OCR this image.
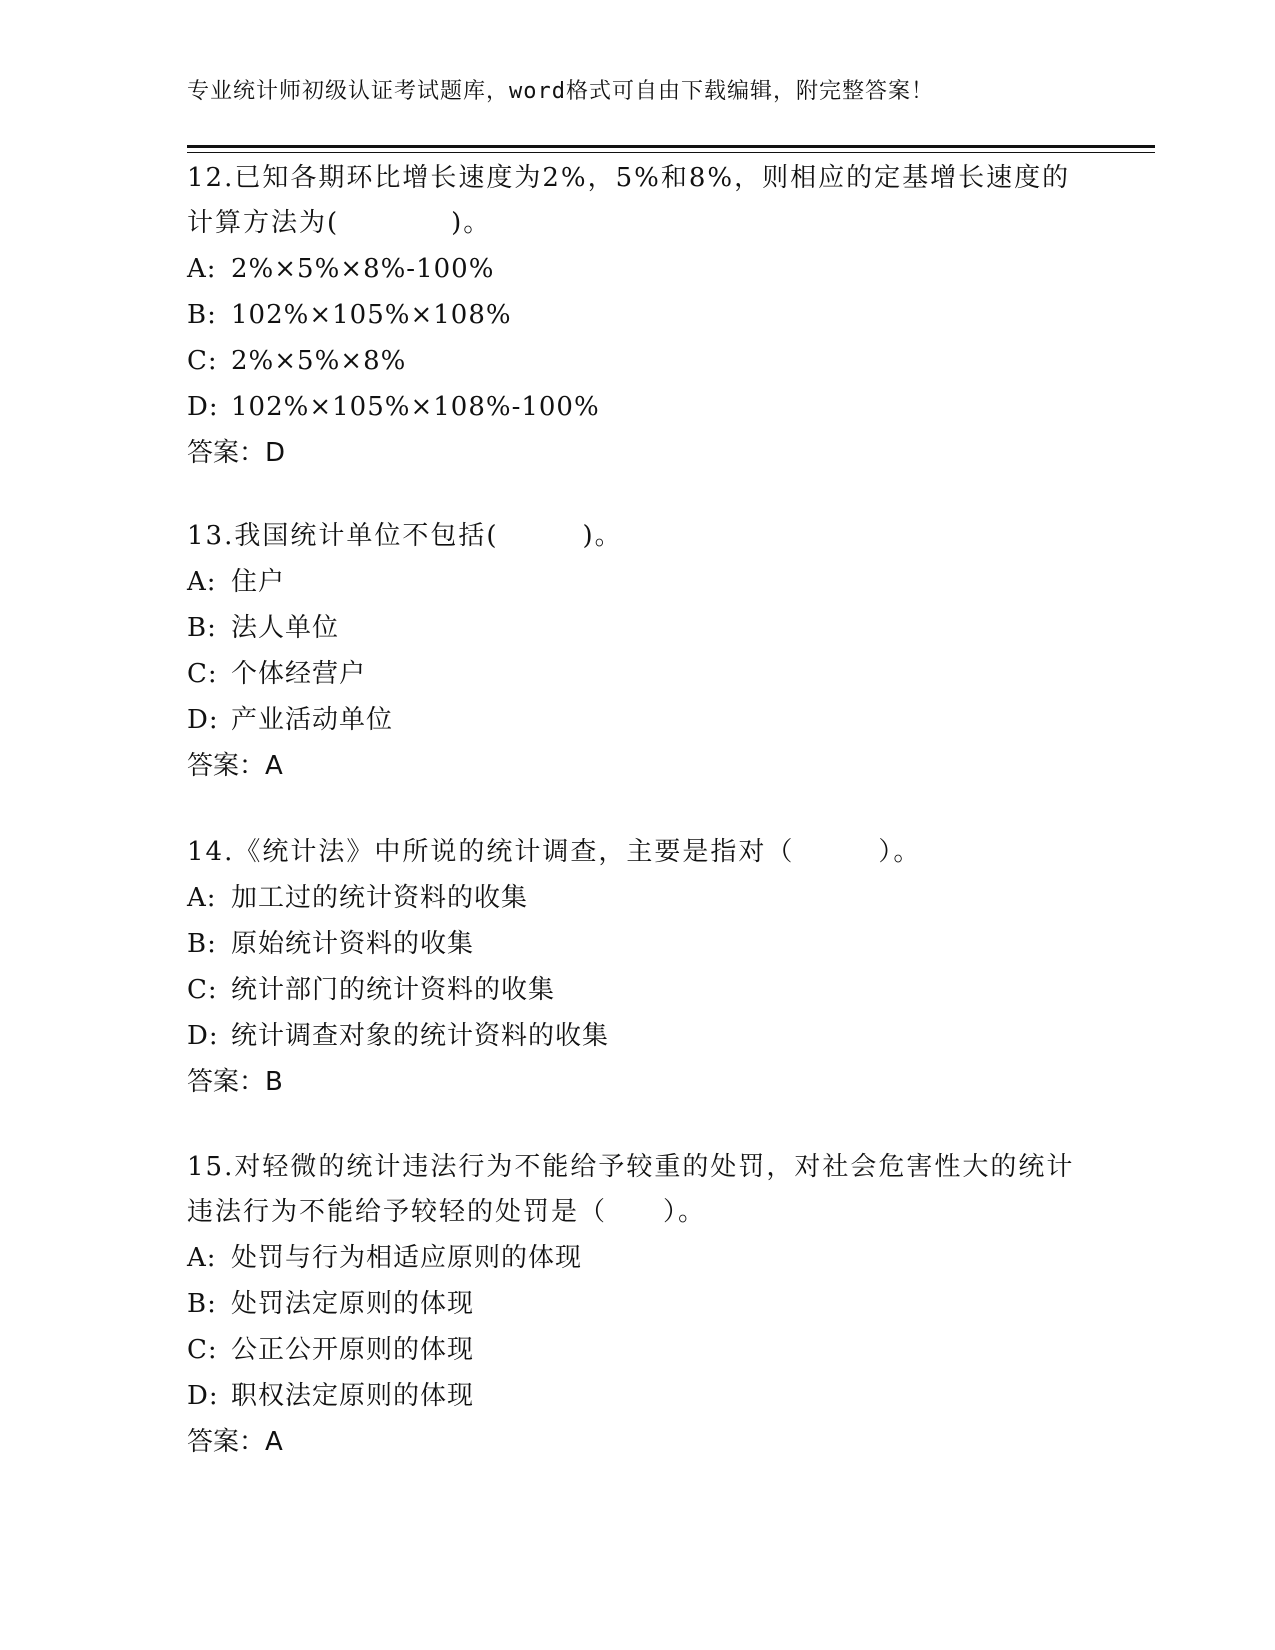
专业统计师初级认证考试题库，word格式可自由下载编辑，附完整答案！

12.已知各期环比增长速度为2%，5%和8%，则相应的定基增长速度的计算方法为(　　　　)。

A: 2%×5%×8%-100%
B: 102%×105%×108%
C: 2%×5%×8%
D: 102%×105%×108%-100%
答案：D

13.我国统计单位不包括(　　　)。

A: 住户
B: 法人单位
C: 个体经营户
D: 产业活动单位
答案：A

14.《统计法》中所说的统计调查，主要是指对（　　　）。

A: 加工过的统计资料的收集
B: 原始统计资料的收集
C: 统计部门的统计资料的收集
D: 统计调查对象的统计资料的收集
答案：B

15.对轻微的统计违法行为不能给予较重的处罚，对社会危害性大的统计违法行为不能给予较轻的处罚是（　　）。

A: 处罚与行为相适应原则的体现
B: 处罚法定原则的体现
C: 公正公开原则的体现
D: 职权法定原则的体现
答案：A
